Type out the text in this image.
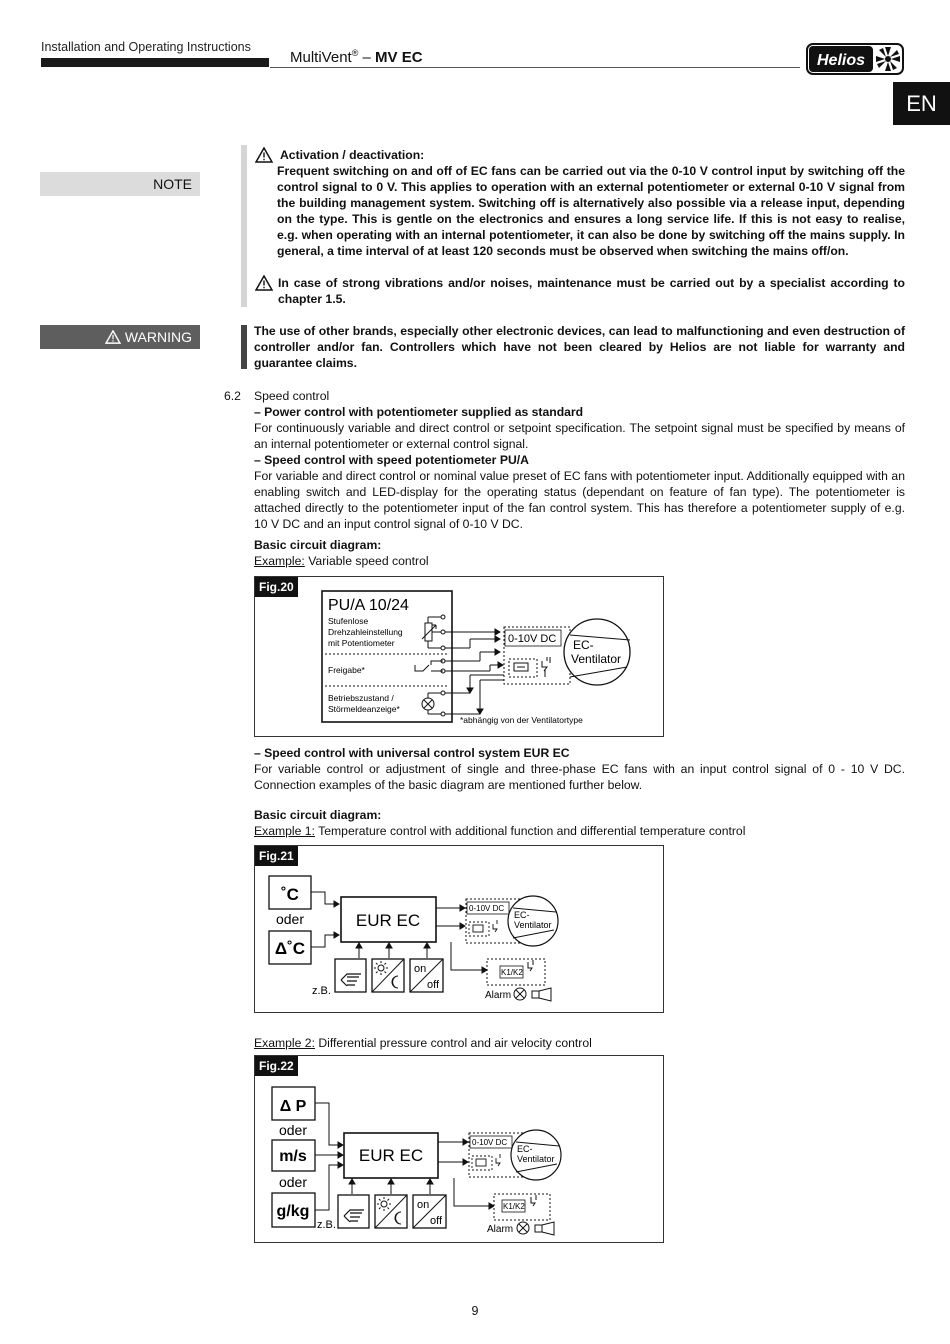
Installation and Operating Instructions
MultiVent® – MV EC	Helios
EN
NOTE
Activation / deactivation:
Frequent switching on and off of EC fans can be carried out via the 0-10 V control input by switching off the control signal to 0 V. This applies to operation with an external potentiometer or external 0-10 V signal from the building management system. Switching off is alternatively also possible via a release input, depending on the type. This is gentle on the electronics and ensures a long service life. If this is not easy to realise, e.g. when operating with an internal potentiometer, it can also be done by switching off the mains supply. In general, a time interval of at least 120 seconds must be observed when switching the mains off/on.
In case of strong vibrations and/or noises, maintenance must be carried out by a specialist according to chapter 1.5.
WARNING	The use of other brands, especially other electronic devices, can lead to malfunctioning and even destruction of controller and/or fan. Controllers which have not been cleared by Helios are not liable for warranty and guarantee claims.
6.2 Speed control
– Power control with potentiometer supplied as standard
For continuously variable and direct control or setpoint specification. The setpoint signal must be specified by means of an internal potentiometer or external control signal.
– Speed control with speed potentiometer PU/A
For variable and direct control or nominal value preset of EC fans with potentiometer input. Additionally equipped with an enabling switch and LED-display for the operating status (dependant on feature of fan type). The potentiometer is attached directly to the potentiometer input of the fan control system. This has therefore a potentiometer supply of e.g. 10 V DC and an input control signal of 0-10 V DC.
Basic circuit diagram:
Example: Variable speed control
Fig.20
PU/A 10/24
Stufenlose
Drehzahleinstellung
mit Potentiometer
Freigabe*
Betriebszustand /
Störmeldeanzeige*
0-10V DC EC-
Ventilator
*abhängig von der Ventilatortype
– Speed control with universal control system EUR EC
For variable control or adjustment of single and three-phase EC fans with an input control signal of 0 - 10 V DC. Connection examples of the basic diagram are mentioned further below.
Basic circuit diagram:
Example 1: Temperature control with additional function and differential temperature control
Fig.21
˚C
oder
Δ˚C
EUR EC
on
off
z.B.
0-10V DC
EC-
Ventilator
K1/K2
Alarm
Example 2: Differential pressure control and air velocity control
Fig.22
Δ P
oder
m/s
oder
g/kg
EUR EC
on
off
z.B.
0-10V DC
EC-
Ventilator
K1/K2
Alarm
9
